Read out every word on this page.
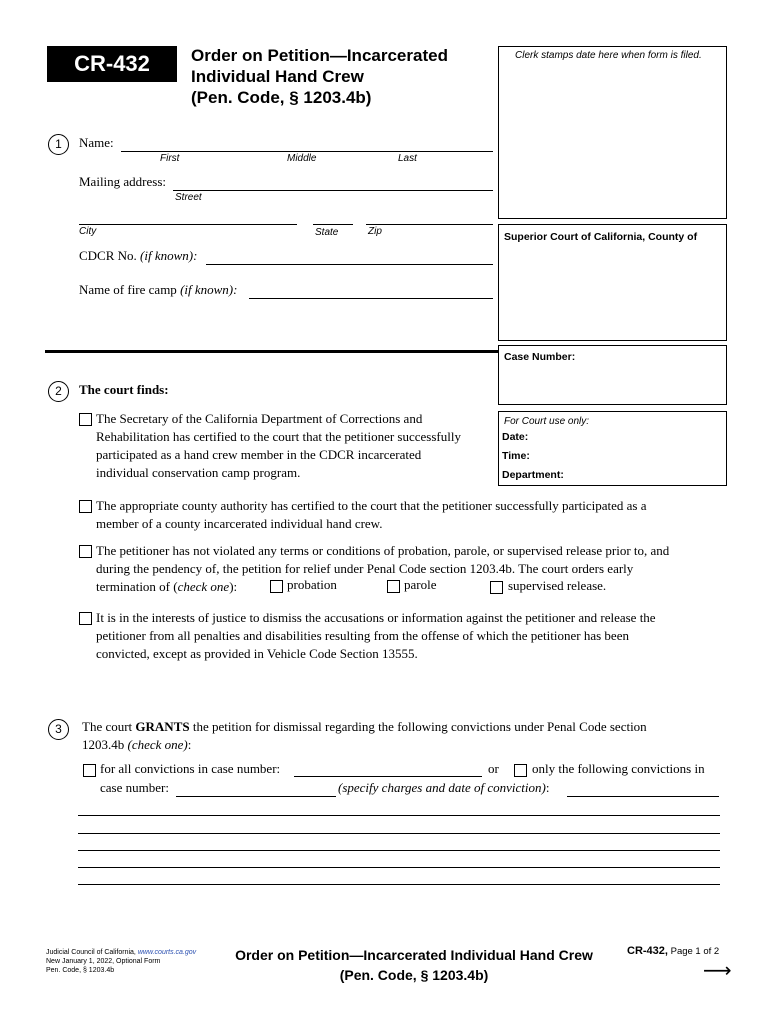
CR-432	Order on Petition—Incarcerated
Individual Hand Crew
(Pen. Code, § 1203.4b)
Clerk stamps date here when form is filed.
Superior Court of California, County of
Case Number:
For Court use only:
Date:
Time:
Department:
1	Name:
First	Middle	Last
Mailing address:
Street
City	State	Zip
CDCR No. (if known):
Name of fire camp (if known):
2	The court finds:
The Secretary of the California Department of Corrections and
Rehabilitation has certified to the court that the petitioner successfully
participated as a hand crew member in the CDCR incarcerated
individual conservation camp program.
The appropriate county authority has certified to the court that the petitioner successfully participated as a
member of a county incarcerated individual hand crew.
The petitioner has not violated any terms or conditions of probation, parole, or supervised release prior to, and
during the pendency of, the petition for relief under Penal Code section 1203.4b. The court orders early
termination of (check one):	probation	parole	supervised release.
It is in the interests of justice to dismiss the accusations or information against the petitioner and release the
petitioner from all penalties and disabilities resulting from the offense of which the petitioner has been
convicted, except as provided in Vehicle Code Section 13555.
3	The court GRANTS the petition for dismissal regarding the following convictions under Penal Code section
1203.4b (check one):
for all convictions in case number:	or	only the following convictions in
case number:	(specify charges and date of conviction):
Judicial Council of California, www.courts.ca.gov
New January 1, 2022, Optional Form
Pen. Code, § 1203.4b
Order on Petition—Incarcerated Individual Hand Crew
(Pen. Code, § 1203.4b)
CR-432, Page 1 of 2
⟶
